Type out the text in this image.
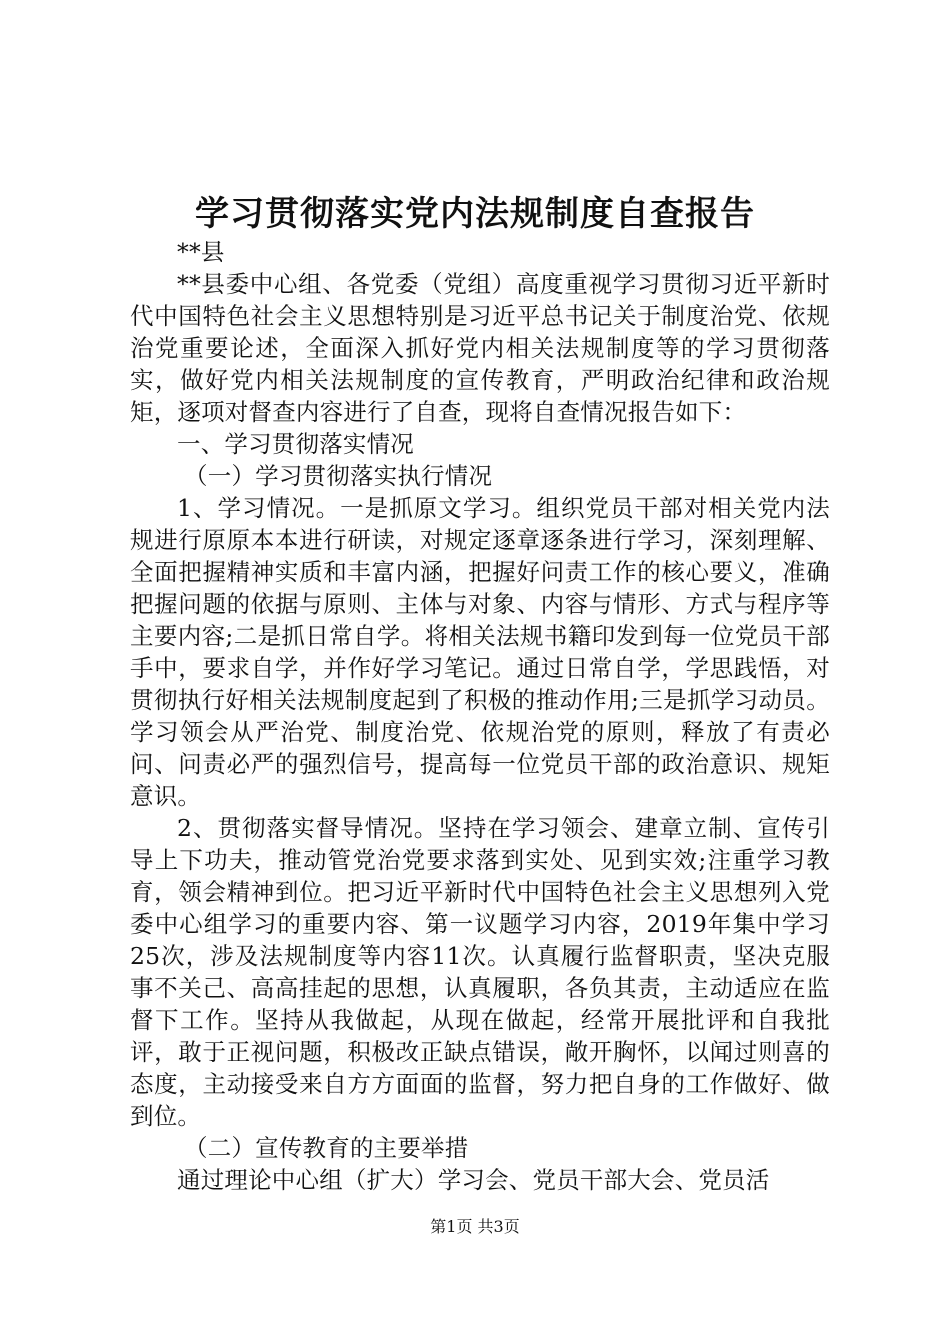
学习贯彻落实党内法规制度自查报告

**县

**县委中心组、各党委（党组）高度重视学习贯彻习近平新时代中国特色社会主义思想特别是习近平总书记关于制度治党、依规治党重要论述，全面深入抓好党内相关法规制度等的学习贯彻落实，做好党内相关法规制度的宣传教育，严明政治纪律和政治规矩，逐项对督查内容进行了自查，现将自查情况报告如下：

一、学习贯彻落实情况

（一）学习贯彻落实执行情况

1、学习情况。一是抓原文学习。组织党员干部对相关党内法规进行原原本本进行研读，对规定逐章逐条进行学习，深刻理解、全面把握精神实质和丰富内涵，把握好问责工作的核心要义，准确把握问题的依据与原则、主体与对象、内容与情形、方式与程序等主要内容;二是抓日常自学。将相关法规书籍印发到每一位党员干部手中，要求自学，并作好学习笔记。通过日常自学，学思践悟，对贯彻执行好相关法规制度起到了积极的推动作用;三是抓学习动员。学习领会从严治党、制度治党、依规治党的原则，释放了有责必问、问责必严的强烈信号，提高每一位党员干部的政治意识、规矩意识。

2、贯彻落实督导情况。坚持在学习领会、建章立制、宣传引导上下功夫，推动管党治党要求落到实处、见到实效;注重学习教育，领会精神到位。把习近平新时代中国特色社会主义思想列入党委中心组学习的重要内容、第一议题学习内容，2019年集中学习25次，涉及法规制度等内容11次。认真履行监督职责，坚决克服事不关己、高高挂起的思想，认真履职，各负其责，主动适应在监督下工作。坚持从我做起，从现在做起，经常开展批评和自我批评，敢于正视问题，积极改正缺点错误，敞开胸怀，以闻过则喜的态度，主动接受来自方方面面的监督，努力把自身的工作做好、做到位。

（二）宣传教育的主要举措

通过理论中心组（扩大）学习会、党员干部大会、党员活

第1页 共3页
